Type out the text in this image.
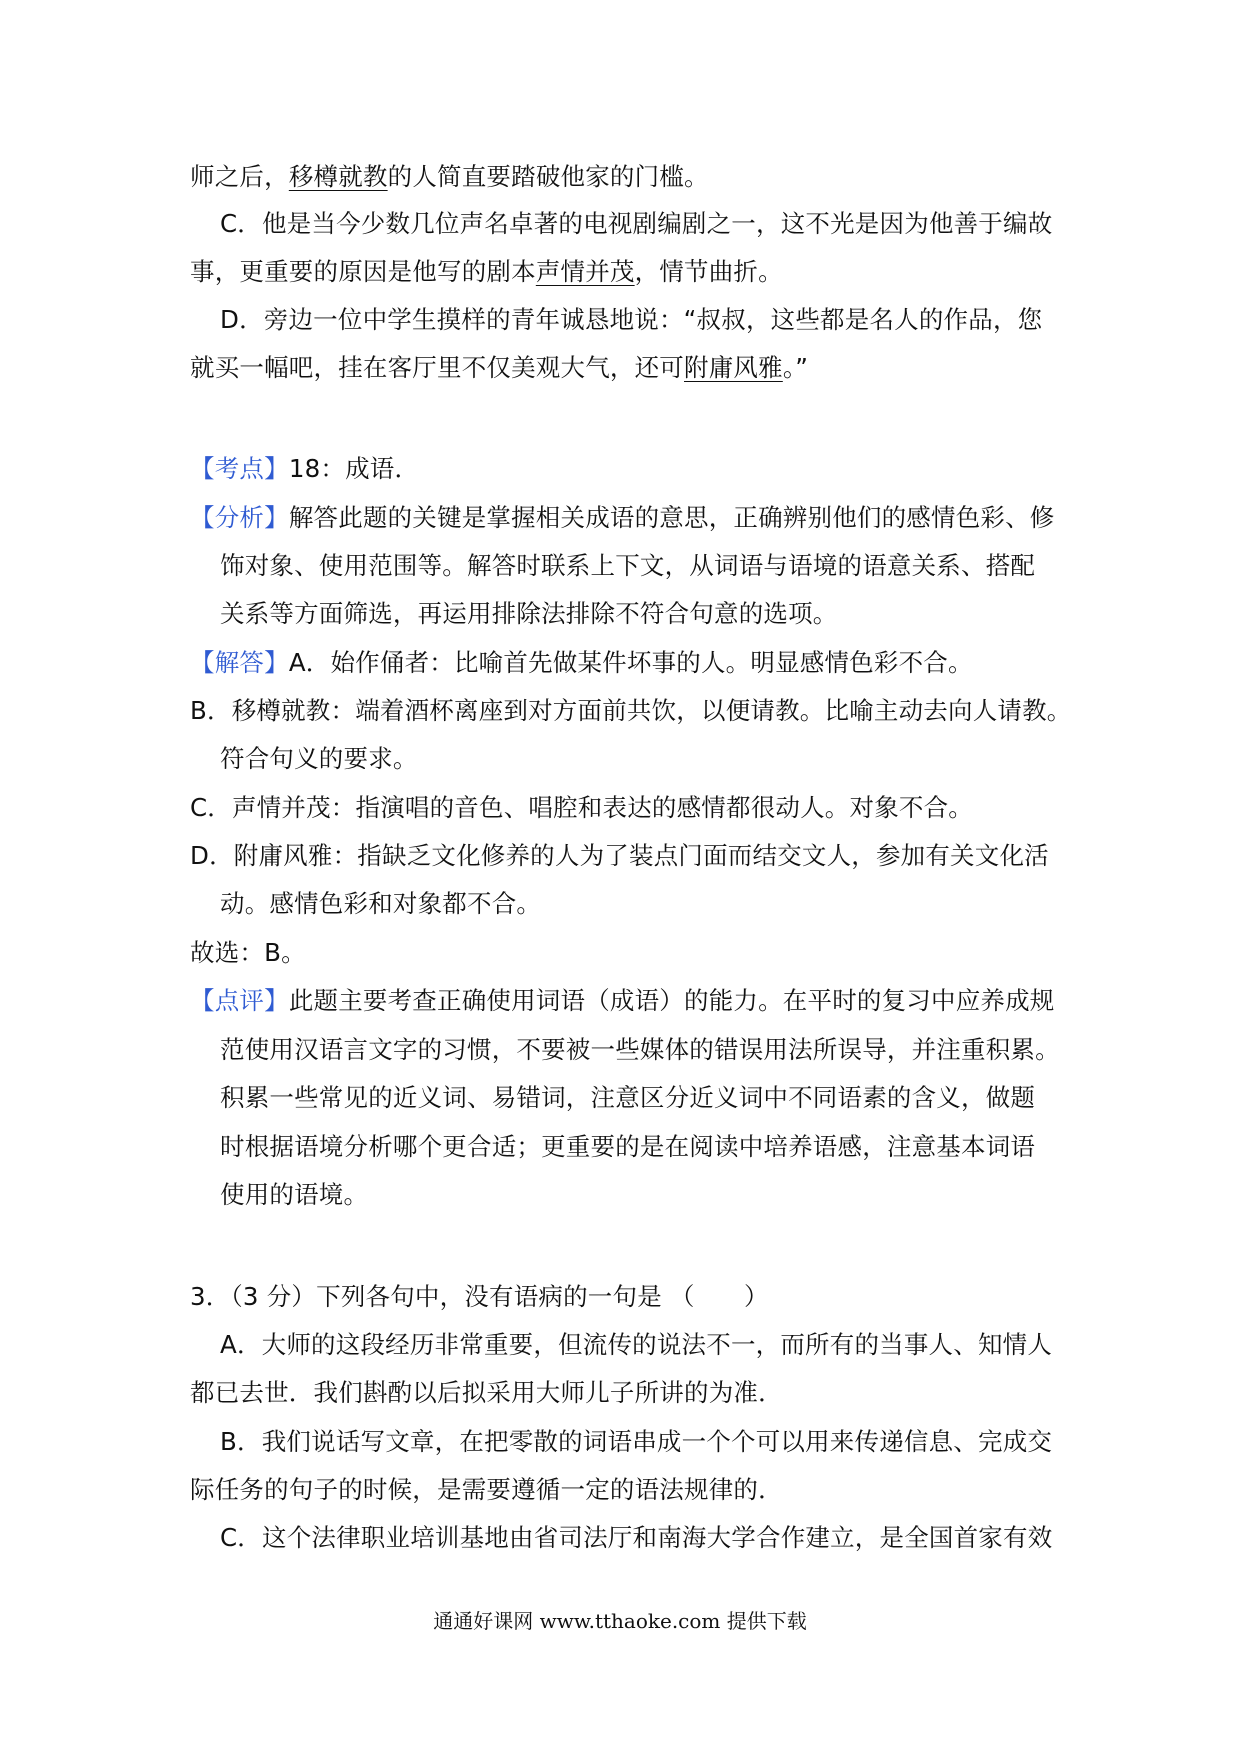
师之后，移樽就教的人简直要踏破他家的门槛。
C．他是当今少数几位声名卓著的电视剧编剧之一，这不光是因为他善于编故
事，更重要的原因是他写的剧本声情并茂，情节曲折。
D．旁边一位中学生摸样的青年诚恳地说：“叔叔，这些都是名人的作品，您
就买一幅吧，挂在客厅里不仅美观大气，还可附庸风雅。”
【考点】18：成语．
【分析】解答此题的关键是掌握相关成语的意思，正确辨别他们的感情色彩、修
饰对象、使用范围等。解答时联系上下文，从词语与语境的语意关系、搭配
关系等方面筛选，再运用排除法排除不符合句意的选项。
【解答】A．始作俑者：比喻首先做某件坏事的人。明显感情色彩不合。
B．移樽就教：端着酒杯离座到对方面前共饮，以便请教。比喻主动去向人请教。
符合句义的要求。
C．声情并茂：指演唱的音色、唱腔和表达的感情都很动人。对象不合。
D．附庸风雅：指缺乏文化修养的人为了装点门面而结交文人，参加有关文化活
动。感情色彩和对象都不合。
故选：B。
【点评】此题主要考查正确使用词语（成语）的能力。在平时的复习中应养成规
范使用汉语言文字的习惯，不要被一些媒体的错误用法所误导，并注重积累。
积累一些常见的近义词、易错词，注意区分近义词中不同语素的含义，做题
时根据语境分析哪个更合适；更重要的是在阅读中培养语感，注意基本词语
使用的语境。
3．（3 分）下列各句中，没有语病的一句是 （　　）
A．大师的这段经历非常重要，但流传的说法不一，而所有的当事人、知情人
都已去世．我们斟酌以后拟采用大师儿子所讲的为准．
B．我们说话写文章，在把零散的词语串成一个个可以用来传递信息、完成交
际任务的句子的时候，是需要遵循一定的语法规律的．
C．这个法律职业培训基地由省司法厅和南海大学合作建立，是全国首家有效
通通好课网 www.tthaoke.com 提供下载
